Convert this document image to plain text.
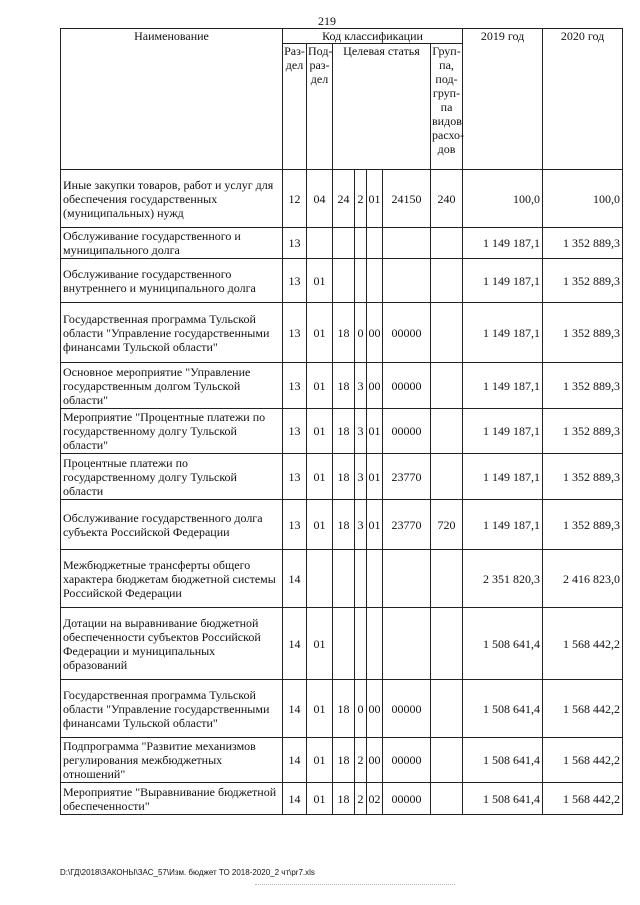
219
Наименование	Код классификации							2019 год	2020 год
	Раз-дел	Под-раз-дел	Целевая статья				Груп-па, под-груп-па видов расхо-дов		
Иные закупки товаров, работ и услуг для обеспечения государственных (муниципальных) нужд	12	04	24	2	01	24150	240	100,0	100,0
Обслуживание государственного и муниципального долга	13							1 149 187,1	1 352 889,3
Обслуживание государственного внутреннего и муниципального долга	13	01						1 149 187,1	1 352 889,3
Государственная программа Тульской области "Управление государственными финансами Тульской области"	13	01	18	0	00	00000		1 149 187,1	1 352 889,3
Основное мероприятие "Управление государственным долгом Тульской области"	13	01	18	3	00	00000		1 149 187,1	1 352 889,3
Мероприятие "Процентные платежи по государственному долгу Тульской области"	13	01	18	3	01	00000		1 149 187,1	1 352 889,3
Процентные платежи по государственному долгу Тульской области	13	01	18	3	01	23770		1 149 187,1	1 352 889,3
Обслуживание государственного долга субъекта Российской Федерации	13	01	18	3	01	23770	720	1 149 187,1	1 352 889,3
Межбюджетные трансферты общего характера бюджетам бюджетной системы Российской Федерации	14							2 351 820,3	2 416 823,0
Дотации на выравнивание бюджетной обеспеченности субъектов Российской Федерации и муниципальных образований	14	01						1 508 641,4	1 568 442,2
Государственная программа Тульской области "Управление государственными финансами Тульской области"	14	01	18	0	00	00000		1 508 641,4	1 568 442,2
Подпрограмма "Развитие механизмов регулирования межбюджетных отношений"	14	01	18	2	00	00000		1 508 641,4	1 568 442,2
Мероприятие "Выравнивание бюджетной обеспеченности"	14	01	18	2	02	00000		1 508 641,4	1 568 442,2
D:\ГД\2018\ЗАКОНЫ\ЗАС_57\Изм. бюджет ТО 2018-2020_2 чт\pr7.xls
